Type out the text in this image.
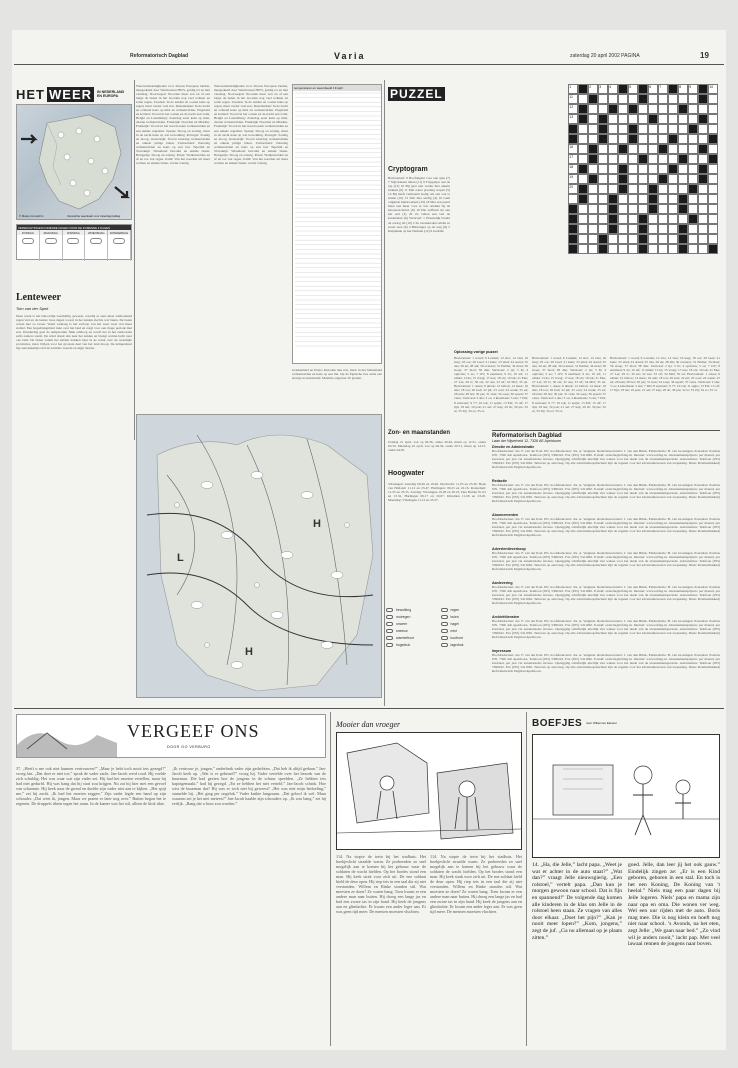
Reformatorisch Dagblad	Varia	zaterdag 20 april 2002 PAGINA	19
HET WEER	IN NEDERLAND
EN EUROPA
© Meteo Consult bv	Verwachte weerkaart voor zaterdagmiddag
VERWACHTINGEN KOMENDE DAGEN VOOR DE KOMENDE 4 DAGEN
ZONDAG	MAANDAG	DINSDAG	WOENSDAG	DONDERDAG
Lenteweer
Tom van der Spek
Deze week is het behoorlijk weerhaftig geweest, waarbij er eens meer aanhoudend regen viel en de laatste twee dagen vooral in het zuiden slechts wat buien. De buien waren niet zo zwaar. Vanaf vandaag is het verloop van het weer weer wat meer stabiel. Een hogedrukgebied trekt over het land en zorgt voor een droge periode met zon. Donderdag gaat de temperatuur flink omhoog en wordt het in het zuidoosten zelfs zomers warm. De wind draait dan naar het zuiden en brengt warme lucht naar ons land. De buien vanuit het zuiden trekken later in de week over de oostelijke provincies, maar blijven voor het grootste deel van het land droog. De temperatuur ligt aanvankelijk rond de normale waarde en stijgt daarna.
Weersomstandigheden voor diverse Europese landen, meegedeeld door Weerbureau HWS, geldig tot en met vandaag. Noorwegen: Noorden meer zon en af een lange de buien in het noorden nog veel wolken en soms regen. Zweden: In de zuiden en oosten kans op regen, maar verder veel zon. Denemarken: In de nacht en ochtend kans op mist en wolkenvelden. Engeland en Ierland: Vooral in het oosten en de nacht een wolk. België en Luxemburg: Zaterdag eerst kans op mist, daarna wolkenvelden. Frankrijk: Noorden en Midden-Frankrijk: Vooral in het noordoosten wolkenvelden en een enkele regenbui. Spanje: Droog en zonnig, maar in de nacht kans op wat bewolking. Portugal: Zonnig en droog. Oostenrijk: Vooral zaterdag wolkenvelden en enkele pittige buien. Zwitserland: Zaterdag wolkenvelden en kans op een bui. Tsjechië en Slowakije: Wisselend bewolkt en enkele buien. Hongarije: Droog en zonnig. Polen: Wolkenvelden en af en toe wat regen. Italië: Van het noorden uit meer wolken en enkele buien, verder zonnig.
Weersomstandigheden voor diverse Europese landen, meegedeeld door Weerbureau HWS, geldig tot en met vandaag. Noorwegen: Noorden meer zon en af een lange de buien in het noorden nog veel wolken en soms regen. Zweden: In de zuiden en oosten kans op regen, maar verder veel zon. Denemarken: In de nacht en ochtend kans op mist en wolkenvelden. Engeland en Ierland: Vooral in het oosten en de nacht een wolk. België en Luxemburg: Zaterdag eerst kans op mist, daarna wolkenvelden. Frankrijk: Noorden en Midden-Frankrijk: Vooral in het noordoosten wolkenvelden en een enkele regenbui. Spanje: Droog en zonnig, maar in de nacht kans op wat bewolking. Portugal: Zonnig en droog. Oostenrijk: Vooral zaterdag wolkenvelden en enkele pittige buien. Zwitserland: Zaterdag wolkenvelden en kans op een bui. Tsjechië en Slowakije: Wisselend bewolkt en enkele buien. Hongarije: Droog en zonnig. Polen: Wolkenvelden en af en toe wat regen. Italië: Van het noorden uit meer wolken en enkele buien, verder zonnig.
temperaturen en weersbeeld 19 april
Griekenland en Kreta: Perioden met zon, maar in het binnenland wolkenvelden en kans op een bui. Op de Egeïsche Zee soms een stevige noordenwind. Maxima ongeveer 20 graden.
L
H
H
bewolking	regen
motregen	buien
onweer	hagel
sneeuw	mist
warmtefront	koufront
hogedruk	lagedruk
PUZZEL
Cryptogram
Horizontaal: 9 Hoofdagent voor een spin (7) 7 Stijl kansen tellen (11) 9 Trappetjes aan de top (13) 10 Bij gaat niet verder met enkele trekken (6) 11 Mal zoute prachtig wapen (5) 14 Bij heeft vermaand nodig om een wat te zetten (10) 15 Stilt met aardig (4) 16 Gem originele kunstwerken (10) 18 Met een paard maar een meer voor te wat ontdekt bij de kloosterscholen (9) 19 Die zelfbeid als aan het oud (3) 20 Ze vallen een van de kostenlaan (6) Verticaal: 1 Plaatselijk breekt de oorlog uit (10) 2 Ze veranderden omdat ze zoner aten (6) 4 Bikvanger op de weg (6) 5 Knipmaak op het Damrak (12) 6 Gedrild.
1	2	3	4	5	6	7	8	9	10
11
12
13
16
17
18
19
20
Oplossing vorige puzzel
Horizontaal: 1 woud; 6 Londen; 12 stro; 14 vies; 16 leeg; 18 oor; 20 Geel; 21 kuur; 23 eind; 24 arend; 25 das; 26 ek; 28 alk; 30 evenaar; 31 Emma; 34 mast; 36 stoep; 37 mod; 38 dier. Verticaal: 2 ijs; 3 lb; 4 opticien; 5 ee; 7 OV; 8 eiermaat; 9 do; 10 tef; 11 uilski; 13 ks; 15 vraag; 17 nee; 18 ols; 19 tak; 21 Eke; 27 Let; 29 lc; 30 eis; 32 aas; 33 slf; 34 MO; 35 tel. Horizontaal: 1 orkes; 6 uitrek; 12 balton; 14 maar; 16 alle; 18 ton; 20 kod; 22 pil; 23 oost; 24 wenk; 25 ed; 26 tuin; 28 bet; 30 pie; 31 stok; 34 soep; 36 speelt; 37 vetes. Verticaal: 2 ahe; 3 oa; 4 kleerhaak; 5 ens; 7 DO; 8 aanvaart; 9 77; 10 tok; 11 spijts; 13 EO; 15 olf; 17 lijn; 18 ten; 19 pok; 21 aal; 27 kap; 29 ab; 30 pte; 32 te; 33 Zij; 34 so; 35 ol.
Horizontaal: 1 woud; 6 Londen; 12 stro; 14 vies; 16 leeg; 18 oor; 20 Geel; 21 kuur; 23 eind; 24 arend; 25 das; 26 ek; 28 alk; 30 evenaar; 31 Emma; 34 mast; 36 stoep; 37 mod; 38 dier. Verticaal: 2 ijs; 3 lb; 4 opticien; 5 ee; 7 OV; 8 eiermaat; 9 do; 10 tef; 11 uilski; 13 ks; 15 vraag; 17 nee; 18 ols; 19 tak; 21 Eke; 27 Let; 29 lc; 30 eis; 32 aas; 33 slf; 34 MO; 35 tel. Horizontaal: 1 orkes; 6 uitrek; 12 balton; 14 maar; 16 alle; 18 ton; 20 kod; 22 pil; 23 oost; 24 wenk; 25 ed; 26 tuin; 28 bet; 30 pie; 31 stok; 34 soep; 36 speelt; 37 vetes. Verticaal: 2 ahe; 3 oa; 4 kleerhaak; 5 ens; 7 DO; 8 aanvaart; 9 77; 10 tok; 11 spijts; 13 EO; 15 olf; 17 lijn; 18 ten; 19 pok; 21 aal; 27 kap; 29 ab; 30 pte; 32 te; 33 Zij; 34 so; 35 ol.
Horizontaal: 1 woud; 6 Londen; 12 stro; 14 vies; 16 leeg; 18 oor; 20 Geel; 21 kuur; 23 eind; 24 arend; 25 das; 26 ek; 28 alk; 30 evenaar; 31 Emma; 34 mast; 36 stoep; 37 mod; 38 dier. Verticaal: 2 ijs; 3 lb; 4 opticien; 5 ee; 7 OV; 8 eiermaat; 9 do; 10 tef; 11 uilski; 13 ks; 15 vraag; 17 nee; 18 ols; 19 tak; 21 Eke; 27 Let; 29 lc; 30 eis; 32 aas; 33 slf; 34 MO; 35 tel. Horizontaal: 1 orkes; 6 uitrek; 12 balton; 14 maar; 16 alle; 18 ton; 20 kod; 22 pil; 23 oost; 24 wenk; 25 ed; 26 tuin; 28 bet; 30 pie; 31 stok; 34 soep; 36 speelt; 37 vetes. Verticaal: 2 ahe; 3 oa; 4 kleerhaak; 5 ens; 7 DO; 8 aanvaart; 9 77; 10 tok; 11 spijts; 13 EO; 15 olf; 17 lijn; 18 ten; 19 pok; 21 aal; 27 kap; 29 ab; 30 pte; 32 te; 33 Zij; 34 so; 35 ol.
Zon- en maanstanden
Zondag 21 april, zon op 06.36, onder 20.49, maan op 12.51, onder 03.34. Maandag 22 april, zon op 06.34, onder 20.51, maan op 14.15, onder 04.05.
Hoogwater
Vlissingen: zaterdag 09.46 en 19.46. Dordrecht: 11.05 en 23.30. Hoek van Holland: 11.12 en 23.47. Harlingen: 09.23 en 22.16. Rotterdam: 11.35 en 23.55. Zondag: Vlissingen 10.28 en 20.25, Den Helder 01.01 en 13.32, Harlingen 06.17 en 19.07. IJmuiden 11.06 en 23.20. Maandag: Vlissingen 11.12 en 23.27.
Reformatorisch Dagblad
Laan der Nijverheid 12, 7326 AE Apeldoorn
Directie en Administratie
Hoofdredacteur: drs. F. van der Poel. Plv. hoofdredacteur: drs. A. Vergunst. Redactiesecretaris: J. van den Brink. Eindredactie: B. van Groningen. Postadres: Postbus 670, 7300 AR Apeldoorn. Telefoon (055) 5390222. Fax (055) 5411062. E-mail: redactie@refdag.nl. Internet: www.refdag.nl. Abonnementsprijzen: per maand, per kwartaal, per jaar via automatische incasso. Opzegging schriftelijk uiterlijk vier weken voor het einde van de abonnementsperiode. Advertenties: Telefoon (055) 5390222. Fax (055) 5411062. Tarieven op aanvraag. Op alle advertentieopdrachten zijn de regelen voor het advertentiewezen van toepassing. Druk: Rotatiedrukkerij Reformatorisch Dagblad Apeldoorn.
Redactie
Hoofdredacteur: drs. F. van der Poel. Plv. hoofdredacteur: drs. A. Vergunst. Redactiesecretaris: J. van den Brink. Eindredactie: B. van Groningen. Postadres: Postbus 670, 7300 AR Apeldoorn. Telefoon (055) 5390222. Fax (055) 5411062. E-mail: redactie@refdag.nl. Internet: www.refdag.nl. Abonnementsprijzen: per maand, per kwartaal, per jaar via automatische incasso. Opzegging schriftelijk uiterlijk vier weken voor het einde van de abonnementsperiode. Advertenties: Telefoon (055) 5390222. Fax (055) 5411062. Tarieven op aanvraag. Op alle advertentieopdrachten zijn de regelen voor het advertentiewezen van toepassing. Druk: Rotatiedrukkerij Reformatorisch Dagblad Apeldoorn.
Abonnementen
Hoofdredacteur: drs. F. van der Poel. Plv. hoofdredacteur: drs. A. Vergunst. Redactiesecretaris: J. van den Brink. Eindredactie: B. van Groningen. Postadres: Postbus 670, 7300 AR Apeldoorn. Telefoon (055) 5390222. Fax (055) 5411062. E-mail: redactie@refdag.nl. Internet: www.refdag.nl. Abonnementsprijzen: per maand, per kwartaal, per jaar via automatische incasso. Opzegging schriftelijk uiterlijk vier weken voor het einde van de abonnementsperiode. Advertenties: Telefoon (055) 5390222. Fax (055) 5411062. Tarieven op aanvraag. Op alle advertentieopdrachten zijn de regelen voor het advertentiewezen van toepassing. Druk: Rotatiedrukkerij Reformatorisch Dagblad Apeldoorn.
Advertentieverkoop
Hoofdredacteur: drs. F. van der Poel. Plv. hoofdredacteur: drs. A. Vergunst. Redactiesecretaris: J. van den Brink. Eindredactie: B. van Groningen. Postadres: Postbus 670, 7300 AR Apeldoorn. Telefoon (055) 5390222. Fax (055) 5411062. E-mail: redactie@refdag.nl. Internet: www.refdag.nl. Abonnementsprijzen: per maand, per kwartaal, per jaar via automatische incasso. Opzegging schriftelijk uiterlijk vier weken voor het einde van de abonnementsperiode. Advertenties: Telefoon (055) 5390222. Fax (055) 5411062. Tarieven op aanvraag. Op alle advertentieopdrachten zijn de regelen voor het advertentiewezen van toepassing. Druk: Rotatiedrukkerij Reformatorisch Dagblad Apeldoorn.
Aanlevering
Hoofdredacteur: drs. F. van der Poel. Plv. hoofdredacteur: drs. A. Vergunst. Redactiesecretaris: J. van den Brink. Eindredactie: B. van Groningen. Postadres: Postbus 670, 7300 AR Apeldoorn. Telefoon (055) 5390222. Fax (055) 5411062. E-mail: redactie@refdag.nl. Internet: www.refdag.nl. Abonnementsprijzen: per maand, per kwartaal, per jaar via automatische incasso. Opzegging schriftelijk uiterlijk vier weken voor het einde van de abonnementsperiode. Advertenties: Telefoon (055) 5390222. Fax (055) 5411062. Tarieven op aanvraag. Op alle advertentieopdrachten zijn de regelen voor het advertentiewezen van toepassing. Druk: Rotatiedrukkerij Reformatorisch Dagblad Apeldoorn.
Archiefdiensten
Hoofdredacteur: drs. F. van der Poel. Plv. hoofdredacteur: drs. A. Vergunst. Redactiesecretaris: J. van den Brink. Eindredactie: B. van Groningen. Postadres: Postbus 670, 7300 AR Apeldoorn. Telefoon (055) 5390222. Fax (055) 5411062. E-mail: redactie@refdag.nl. Internet: www.refdag.nl. Abonnementsprijzen: per maand, per kwartaal, per jaar via automatische incasso. Opzegging schriftelijk uiterlijk vier weken voor het einde van de abonnementsperiode. Advertenties: Telefoon (055) 5390222. Fax (055) 5411062. Tarieven op aanvraag. Op alle advertentieopdrachten zijn de regelen voor het advertentiewezen van toepassing. Druk: Rotatiedrukkerij Reformatorisch Dagblad Apeldoorn.
Impressum
Hoofdredacteur: drs. F. van der Poel. Plv. hoofdredacteur: drs. A. Vergunst. Redactiesecretaris: J. van den Brink. Eindredactie: B. van Groningen. Postadres: Postbus 670, 7300 AR Apeldoorn. Telefoon (055) 5390222. Fax (055) 5411062. E-mail: redactie@refdag.nl. Internet: www.refdag.nl. Abonnementsprijzen: per maand, per kwartaal, per jaar via automatische incasso. Opzegging schriftelijk uiterlijk vier weken voor het einde van de abonnementsperiode. Advertenties: Telefoon (055) 5390222. Fax (055) 5411062. Tarieven op aanvraag. Op alle advertentieopdrachten zijn de regelen voor het advertentiewezen van toepassing. Druk: Rotatiedrukkerij Reformatorisch Dagblad Apeldoorn.
VERGEEF ONS
DOOR GO VERBURG
37. „Heeft u me ook niet kunnen vertrouwen?” „Maar je hebt toch nooit iets gezegd?” vroeg Jan. „Dat doet er niet toe,” sprak de vader zacht. Jan-Jacob werd rood. Hij voelde zich schuldig. Het was waar wat zijn vader zei. Hij had het moeten vertellen, maar hij had niet gedurfd. Hij was bang dat hij straf zou krijgen. Nu zat hij hier met een gevoel van schaamte. Hij keek naar de grond en durfde zijn vader niet aan te kijken. „Het spijt me,” zei hij zacht. „Ik had het moeten zeggen.” Zijn vader legde een hand op zijn schouder. „Dat weet ik, jongen. Maar we praten er later nog over.” Buiten begon het te regenen. De druppels tikten tegen het raam. In de kamer was het stil, alleen de klok tikte.
„Ik vertrouw je, jongen,” onderbrak vader zijn gedachten. „Dat heb ik altijd gedaan.” Jan-Jacob keek op. „Wat is er gebeurd?” vroeg hij. Vader vertelde over het bezoek van de buurman. Die had gezien hoe de jongens in de schuur speelden. „Ze hebben iets kapotgemaakt,” had hij gezegd. „En ze hebben het niet verteld.” Jan-Jacob schrok. Hoe wist de buurman dat? Hij was er toch niet bij geweest? „Het was niet mijn bedoeling,” stamelde hij. „Het ging per ongeluk.” Vader knikte langzaam. „Dat geloof ik wel. Maar waarom zei je het niet meteen?” Jan-Jacob haalde zijn schouders op. „Ik was bang,” zei hij eerlijk. „Bang dat u boos zou worden.”
Mooier dan vroeger
114. Na stopte de trein bij het stadhuis. Het hoekjeslicht straalde warm. Ze probeerden zo snel mogelijk aan te komen bij het gebouw waar de soldaten de wacht hielden. Op het bordes stond een man. Hij keek strak voor zich uit. De ene soldaat hield de deur open. Hij riep iets in een taal die zij niet verstonden. Willem en Rinke stonden stil. Wat moesten ze doen? Ze waren bang. Toen kwam er een andere man naar buiten. Hij droeg een lange jas en had een zware tas in zijn hand. Hij keek de jongens aan en glimlachte. Er kwam een ander leger aan. Er was geen tijd meer. De mensen moesten vluchten.
114. Na stopte de trein bij het stadhuis. Het hoekjeslicht straalde warm. Ze probeerden zo snel mogelijk aan te komen bij het gebouw waar de soldaten de wacht hielden. Op het bordes stond een man. Hij keek strak voor zich uit. De ene soldaat hield de deur open. Hij riep iets in een taal die zij niet verstonden. Willem en Rinke stonden stil. Wat moesten ze doen? Ze waren bang. Toen kwam er een andere man naar buiten. Hij droeg een lange jas en had een zware tas in zijn hand. Hij keek de jongens aan en glimlachte. Er kwam een ander leger aan. Er was geen tijd meer. De mensen moesten vluchten.
BOEFJES door Willemien Ekester
14. „Ha, die Jelle,” lacht papa. „Weet je wat er achter in de auto staat?” „Wat dan?” vraagt Jelle nieuwsgierig. „Een rolstoel,” vertelt papa. „Dan kun je morgen gewoon naar school. Dat is fijn en spannend!” De volgende dag komen alle kinderen in de klas om Jelle in de rolstoel heen staan. Ze vragen van alles door elkaar. „Doet het pijn?” „Kan je nooit meer lopen?” „Kom, jongens,” zegt de juf. „Ga nu allemaal op je plaats zitten.”
goed. Jelle, dan leer jij het ook gauw.” Eindelijk zingen ze: „Er is een Kind geboren, geboren in een stal. En toch is het een Koning, De Koning van 't heelal.” Niels mag een paar dagen bij Jelle logeren. Niels’ papa en mama zijn naar opa en oma. Die wonen ver weg. Wel een uur rijden met de auto. Boris mag mee. Die is nog klein en hoeft nog niet naar school. ’s Avonds, na het eten, zegt Jelle: „We gaan naar bed.” „Zo vind wil je anders nooit,” lacht pap. Met veel lawaai rennen de jongens naar boven.
